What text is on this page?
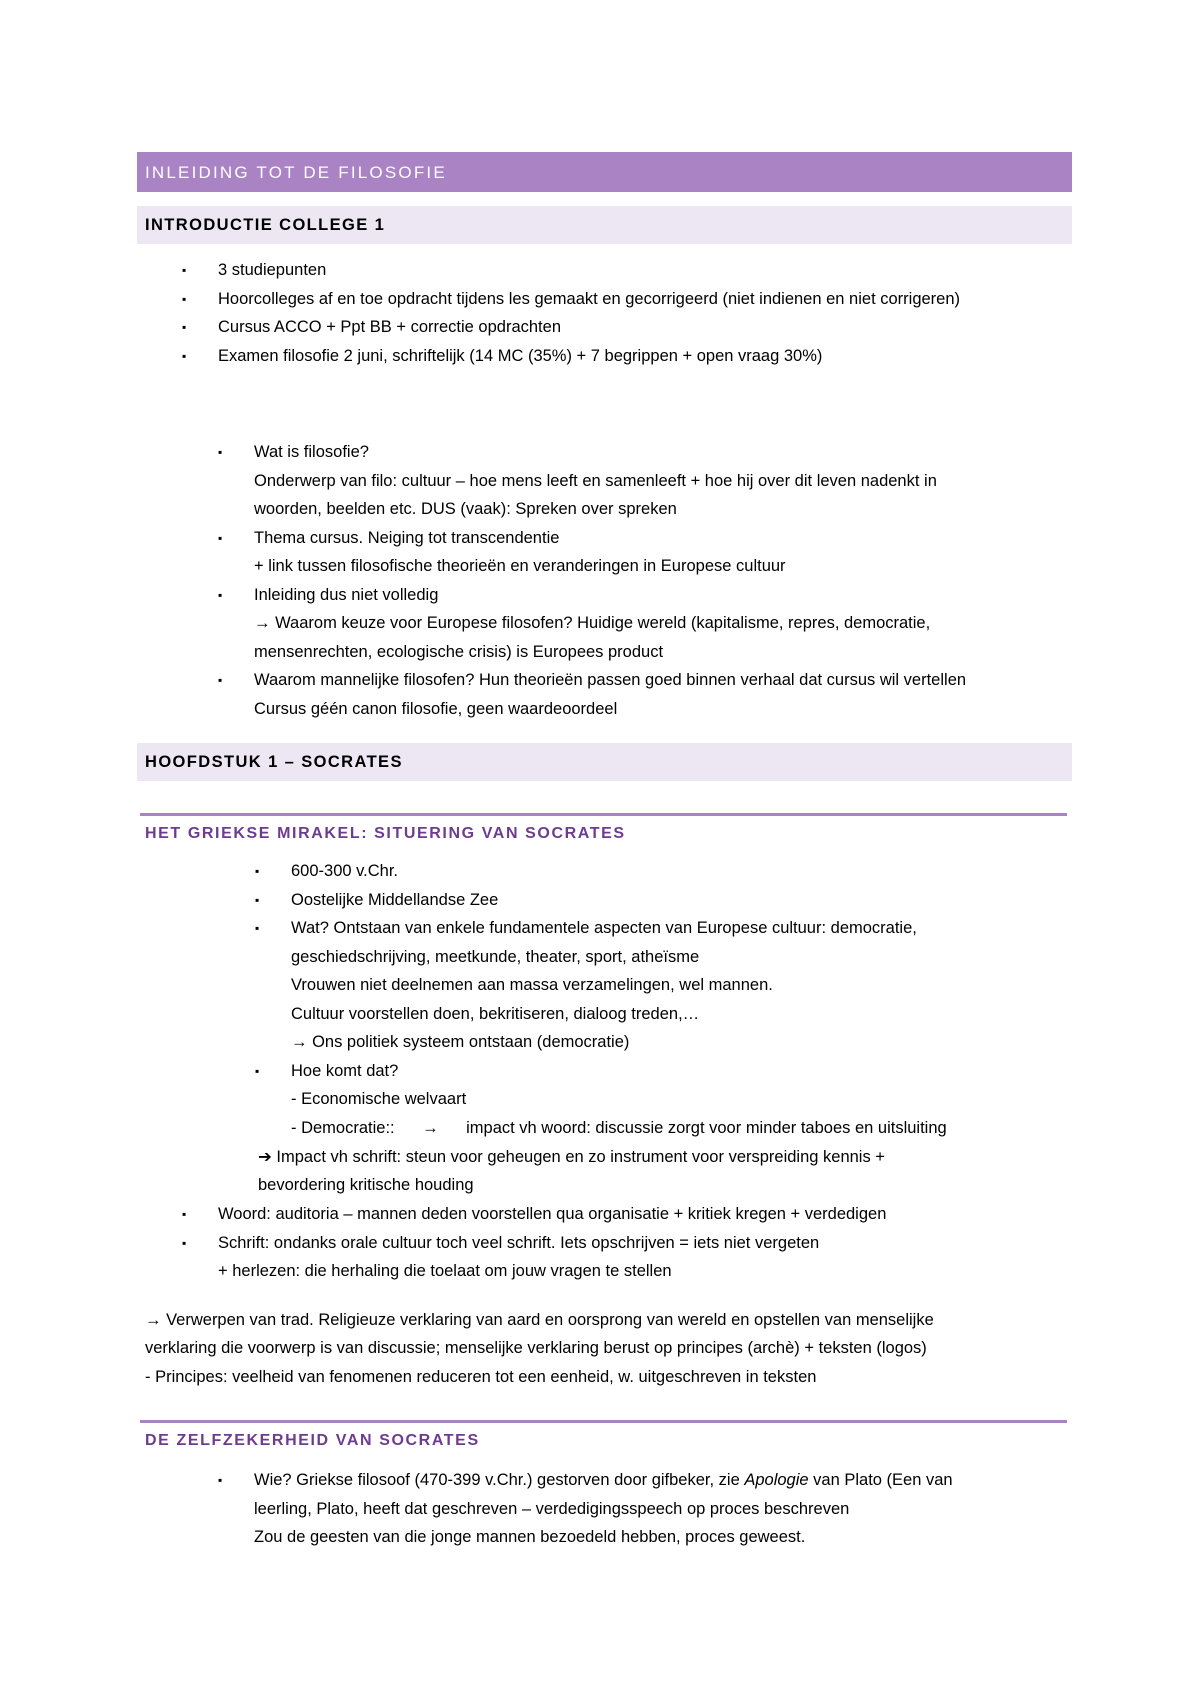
INLEIDING TOT DE FILOSOFIE
INTRODUCTIE COLLEGE 1
▪ 3 studiepunten
▪ Hoorcolleges af en toe opdracht tijdens les gemaakt en gecorrigeerd (niet indienen en niet corrigeren)
▪ Cursus ACCO + Ppt BB + correctie opdrachten
▪ Examen filosofie 2 juni, schriftelijk (14 MC (35%) + 7 begrippen + open vraag 30%)
▪ Wat is filosofie?
Onderwerp van filo: cultuur – hoe mens leeft en samenleeft + hoe hij over dit leven nadenkt in
woorden, beelden etc. DUS (vaak): Spreken over spreken
▪ Thema cursus. Neiging tot transcendentie
+ link tussen filosofische theorieën en veranderingen in Europese cultuur
▪ Inleiding dus niet volledig
→ Waarom keuze voor Europese filosofen? Huidige wereld (kapitalisme, repres, democratie,
mensenrechten, ecologische crisis) is Europees product
▪ Waarom mannelijke filosofen? Hun theorieën passen goed binnen verhaal dat cursus wil vertellen
Cursus géén canon filosofie, geen waardeoordeel
HOOFDSTUK 1 – SOCRATES
HET GRIEKSE MIRAKEL: SITUERING VAN SOCRATES
▪ 600-300 v.Chr.
▪ Oostelijke Middellandse Zee
▪ Wat? Ontstaan van enkele fundamentele aspecten van Europese cultuur: democratie,
geschiedschrijving, meetkunde, theater, sport, atheïsme
Vrouwen niet deelnemen aan massa verzamelingen, wel mannen.
Cultuur voorstellen doen, bekritiseren, dialoog treden,…
→ Ons politiek systeem ontstaan (democratie)
▪ Hoe komt dat?
- Economische welvaart
- Democratie::      →      impact vh woord: discussie zorgt voor minder taboes en uitsluiting
➔ Impact vh schrift: steun voor geheugen en zo instrument voor verspreiding kennis +
bevordering kritische houding
▪ Woord: auditoria – mannen deden voorstellen qua organisatie + kritiek kregen + verdedigen
▪ Schrift: ondanks orale cultuur toch veel schrift. Iets opschrijven = iets niet vergeten
+ herlezen: die herhaling die toelaat om jouw vragen te stellen
→ Verwerpen van trad. Religieuze verklaring van aard en oorsprong van wereld en opstellen van menselijke
verklaring die voorwerp is van discussie; menselijke verklaring berust op principes (archè) + teksten (logos)
- Principes: veelheid van fenomenen reduceren tot een eenheid, w. uitgeschreven in teksten
DE ZELFZEKERHEID VAN SOCRATES
▪ Wie? Griekse filosoof (470-399 v.Chr.) gestorven door gifbeker, zie Apologie van Plato (Een van
leerling, Plato, heeft dat geschreven – verdedigingsspeech op proces beschreven
Zou de geesten van die jonge mannen bezoedeld hebben, proces geweest.
